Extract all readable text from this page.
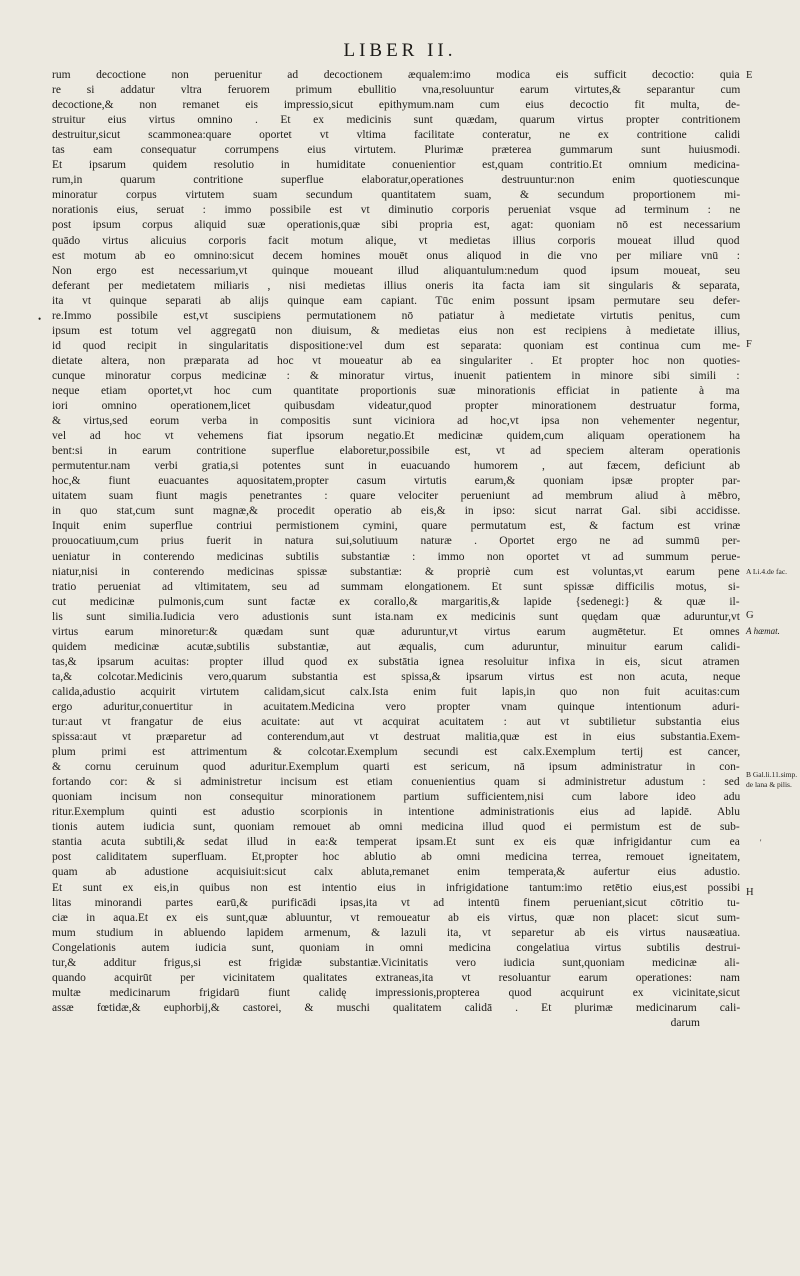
LIBER II.
rum decoctione non peruenitur ad decoctionem æqualem:imo modica eis sufficit decoctio: quia
re si addatur vltra feruorem primum ebullitio vna,resoluuntur earum virtutes,& separantur cum
decoctione,& non remanet eis impressio,sicut epithymum.nam cum eius decoctio fit multa, de-
struitur eius virtus omnino . Et ex medicinis sunt quædam, quarum virtus propter contritionem
destruitur,sicut scammonea:quare oportet vt vltima facilitate conteratur, ne ex contritione calidi
tas eam consequatur corrumpens eius virtutem. Plurimæ præterea gummarum sunt huiusmodi.
Et ipsarum quidem resolutio in humiditate conuenientior est,quam contritio.Et omnium medicina-
rum,in quarum contritione superflue elaboratur,operationes destruuntur:non enim quotiescunque
minoratur corpus virtutem suam secundum quantitatem suam, & secundum proportionem mi-
norationis eius, seruat : immo possibile est vt diminutio corporis perueniat vsque ad terminum : ne
post ipsum corpus aliquid suæ operationis,quæ sibi propria est, agat: quoniam nō est necessarium
quādo virtus alicuius corporis facit motum alique, vt medietas illius corporis moueat illud quod
est motum ab eo omnino:sicut decem homines mouēt onus aliquod in die vno per miliare vnū :
Non ergo est necessarium,vt quinque moueant illud aliquantulum:nedum quod ipsum moueat, seu
deferant per medietatem miliaris , nisi medietas illius oneris ita facta iam sit singularis & separata,
ita vt quinque separati ab alijs quinque eam capiant. Tūc enim possunt ipsam permutare seu defer-
re.Immo possibile est,vt suscipiens permutationem nō patiatur à medietate virtutis penitus, cum
ipsum est totum vel aggregatū non diuisum, & medietas eius non est recipiens à medietate illius,
id quod recipit in singularitatis dispositione:vel dum est separata: quoniam est continua cum me-
dietate altera, non præparata ad hoc vt moueatur ab ea singulariter . Et propter hoc non quoties-
cunque minoratur corpus medicinæ : & minoratur virtus, inuenit patientem in minore sibi simili :
neque etiam oportet,vt hoc cum quantitate proportionis suæ minorationis efficiat in patiente à ma
iori omnino operationem,licet quibusdam videatur,quod propter minorationem destruatur forma,
& virtus,sed eorum verba in compositis sunt viciniora ad hoc,vt ipsa non vehementer negentur,
vel ad hoc vt vehemens fiat ipsorum negatio.Et medicinæ quidem,cum aliquam operationem ha
bent:si in earum contritione superflue elaboretur,possibile est, vt ad speciem alteram operationis
permutentur.nam verbi gratia,si potentes sunt in euacuando humorem , aut fæcem, deficiunt ab
hoc,& fiunt euacuantes aquositatem,propter casum virtutis earum,& quoniam ipsæ propter par-
uitatem suam fiunt magis penetrantes : quare velociter perueniunt ad membrum aliud à mēbro,
in quo stat,cum sunt magnæ,& procedit operatio ab eis,& in ipso: sicut narrat Gal. sibi accidisse.
Inquit enim superflue contriui permistionem cymini, quare permutatum est, & factum est vrinæ
prouocatiuum,cum prius fuerit in natura sui,solutiuum naturæ . Oportet ergo ne ad summū per-
ueniatur in conterendo medicinas subtilis substantiæ : immo non oportet vt ad summum perue-
niatur,nisi in conterendo medicinas spissæ substantiæ: & propriè cum est voluntas,vt earum pene
tratio perueniat ad vltimitatem, seu ad summam elongationem. Et sunt spissæ difficilis motus, si-
cut medicinæ pulmonis,cum sunt factæ ex corallo,& margaritis,& lapide {sedenegi:} & quæ il-
lis sunt similia.Iudicia vero adustionis sunt ista.nam ex medicinis sunt quędam quæ aduruntur,vt
virtus earum minoretur:& quædam sunt quæ aduruntur,vt virtus earum augmētetur. Et omnes
quidem medicinæ acutæ,subtilis substantiæ, aut æqualis, cum aduruntur, minuitur earum calidi-
tas,& ipsarum acuitas: propter illud quod ex substātia ignea resoluitur infixa in eis, sicut atramen
ta,& colcotar.Medicinis vero,quarum substantia est spissa,& ipsarum virtus est non acuta, neque
calida,adustio acquirit virtutem calidam,sicut calx.Ista enim fuit lapis,in quo non fuit acuitas:cum
ergo aduritur,conuertitur in acuitatem.Medicina vero propter vnam quinque intentionum aduri-
tur:aut vt frangatur de eius acuitate: aut vt acquirat acuitatem : aut vt subtilietur substantia eius
spissa:aut vt præparetur ad conterendum,aut vt destruat malitia,quæ est in eius substantia.Exem-
plum primi est attrimentum & colcotar.Exemplum secundi est calx.Exemplum tertij est cancer,
& cornu ceruinum quod aduritur.Exemplum quarti est sericum, nā ipsum administratur in con-
fortando cor: & si administretur incisum est etiam conuenientius quam si administretur adustum : sed
quoniam incisum non consequitur minorationem partium sufficientem,nisi cum labore ideo adu
ritur.Exemplum quinti est adustio scorpionis in intentione administrationis eius ad lapidē. Ablu
tionis autem iudicia sunt, quoniam remouet ab omni medicina illud quod ei permistum est de sub-
stantia acuta subtili,& sedat illud in ea:& temperat ipsam.Et sunt ex eis quæ infrigidantur cum ea
post caliditatem superfluam. Et,propter hoc ablutio ab omni medicina terrea, remouet igneitatem,
quam ab adustione acquisiuit:sicut calx abluta,remanet enim temperata,& aufertur eius adustio.
Et sunt ex eis,in quibus non est intentio eius in infrigidatione tantum:imo retētio eius,est possibi
litas minorandi partes earū,& purificādi ipsas,ita vt ad intentū finem perueniant,sicut cōtritio tu-
ciæ in aqua.Et ex eis sunt,quæ abluuntur, vt remoueatur ab eis virtus, quæ non placet: sicut sum-
mum studium in abluendo lapidem armenum, & lazuli ita, vt separetur ab eis virtus nausæatiua.
Congelationis autem iudicia sunt, quoniam in omni medicina congelatiua virtus subtilis destrui-
tur,& additur frigus,si est frigidæ substantiæ.Vicinitatis vero iudicia sunt,quoniam medicinæ ali-
quando acquirūt per vicinitatem qualitates extraneas,ita vt resoluantur earum operationes: nam
multæ medicinarum frigidarū fiunt calidę impressionis,propterea quod acquirunt ex vicinitate,sicut
assæ fœtidæ,& euphorbij,& castorei, & muschi qualitatem calidā . Et plurimæ medicinarum cali-
darum
E
F
G
H
A Li.4.de fac.
A hæmat.
B Gal.li.11.simp.
de lana & pilis.
•
'
